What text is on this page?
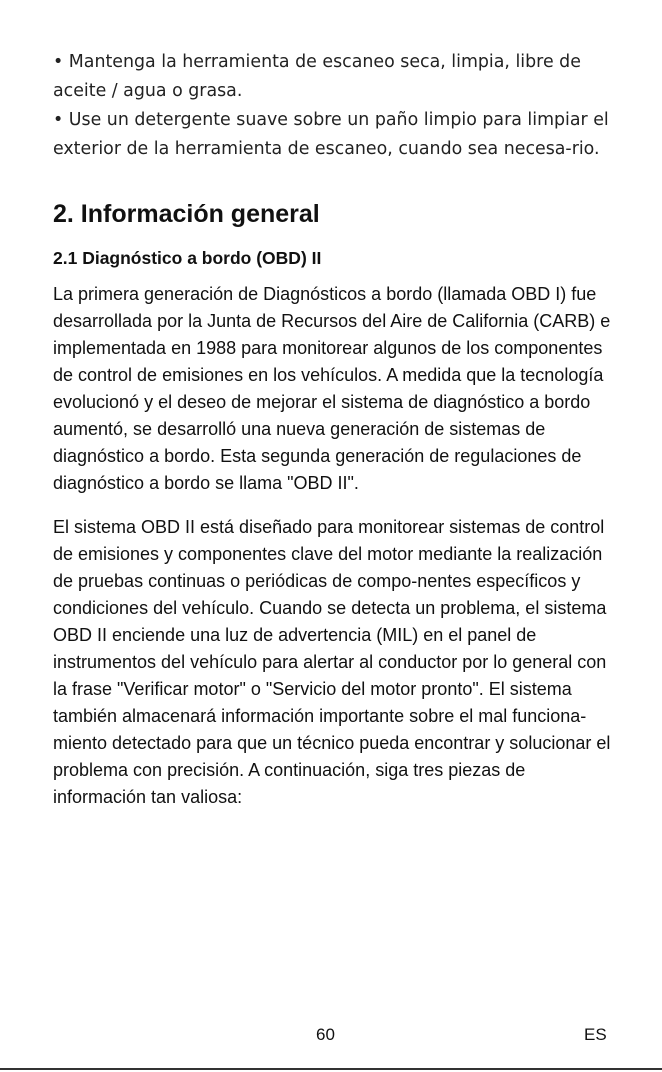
• Mantenga la herramienta de escaneo seca, limpia, libre de aceite / agua o grasa.

• Use un detergente suave sobre un paño limpio para limpiar el exterior de la herramienta de escaneo, cuando sea necesa-rio.

2. Información general
2.1 Diagnóstico a bordo (OBD) II

La primera generación de Diagnósticos a bordo (llamada OBD I) fue desarrollada por la Junta de Recursos del Aire de California (CARB) e implementada en 1988 para monitorear algunos de los componentes de control de emisiones en los vehículos. A medida que la tecnología evolucionó y el deseo de mejorar el sistema de diagnóstico a bordo aumentó, se desarrolló una nueva generación de sistemas de diagnóstico a bordo. Esta segunda generación de regulaciones de diagnóstico a bordo se llama "OBD II".

El sistema OBD II está diseñado para monitorear sistemas de control de emisiones y componentes clave del motor mediante la realización de pruebas continuas o periódicas de compo-nentes específicos y condiciones del vehículo. Cuando se detecta un problema, el sistema OBD II enciende una luz de advertencia (MIL) en el panel de instrumentos del vehículo para alertar al conductor por lo general con la frase "Verificar motor" o "Servicio del motor pronto". El sistema también almacenará información importante sobre el mal funciona-miento detectado para que un técnico pueda encontrar y solucionar el problema con precisión. A continuación, siga tres piezas de información tan valiosa:

60	ES
